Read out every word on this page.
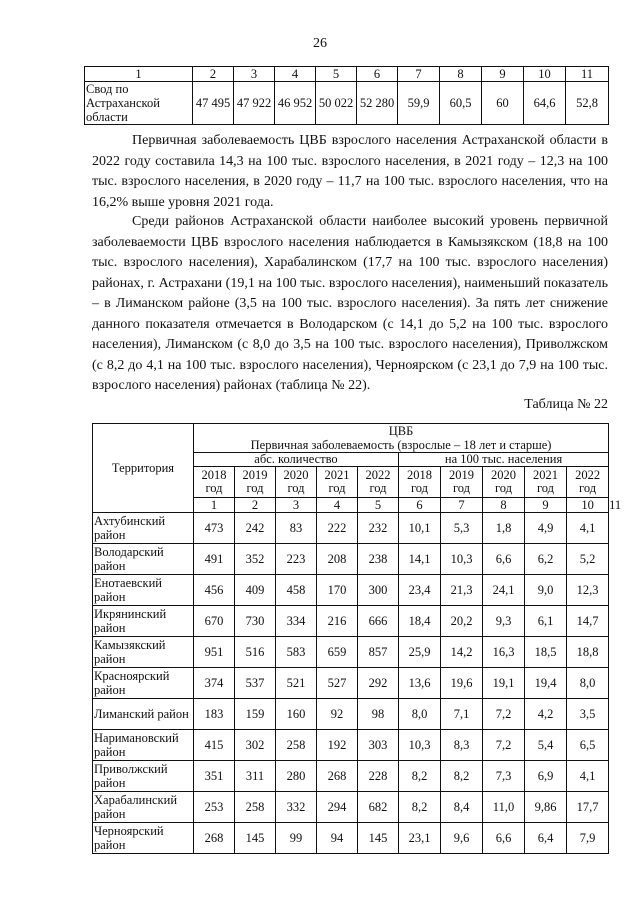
26
1	2	3	4	5	6	7	8	9	10	11
Свод по Астраханской области	47 495	47 922	46 952	50 022	52 280	59,9	60,5	60	64,6	52,8
Первичная заболеваемость ЦВБ взрослого населения Астраханской области в 2022 году составила 14,3 на 100 тыс. взрослого населения, в 2021 году – 12,3 на 100 тыс. взрослого населения, в 2020 году – 11,7 на 100 тыс. взрослого населения, что на 16,2% выше уровня 2021 года.
Среди районов Астраханской области наиболее высокий уровень первичной заболеваемости ЦВБ взрослого населения наблюдается в Камызякском (18,8 на 100 тыс. взрослого населения), Харабалинском (17,7 на 100 тыс. взрослого населения) районах, г. Астрахани (19,1 на 100 тыс. взрослого населения), наименьший показатель – в Лиманском районе (3,5 на 100 тыс. взрослого населения). За пять лет снижение данного показателя отмечается в Володарском (с 14,1 до 5,2 на 100 тыс. взрослого населения), Лиманском (с 8,0 до 3,5 на 100 тыс. взрослого населения), Приволжском (с 8,2 до 4,1 на 100 тыс. взрослого населения), Черноярском (с 23,1 до 7,9 на 100 тыс. взрослого населения) районах (таблица № 22).
Таблица № 22
Территория	ЦВБ
Первичная заболеваемость (взрослые – 18 лет и старше)										

	абс. количество					на 100 тыс. населения					
	2018 год	2019 год	2020 год	2021 год	2022 год	2018 год	2019 год	2020 год	2021 год	2022 год	
	1	2	3	4	5	6	7	8	9	10	11
Ахтубинский район	473	242	83	222	232	10,1	5,3	1,8	4,9	4,1	
Володарский район	491	352	223	208	238	14,1	10,3	6,6	6,2	5,2	
Енотаевский район	456	409	458	170	300	23,4	21,3	24,1	9,0	12,3	
Икрянинский район	670	730	334	216	666	18,4	20,2	9,3	6,1	14,7	
Камызякский район	951	516	583	659	857	25,9	14,2	16,3	18,5	18,8	
Красноярский район	374	537	521	527	292	13,6	19,6	19,1	19,4	8,0	
Лиманский район	183	159	160	92	98	8,0	7,1	7,2	4,2	3,5	
Наримановский район	415	302	258	192	303	10,3	8,3	7,2	5,4	6,5	
Приволжский район	351	311	280	268	228	8,2	8,2	7,3	6,9	4,1	
Харабалинский район	253	258	332	294	682	8,2	8,4	11,0	9,86	17,7	
Черноярский район	268	145	99	94	145	23,1	9,6	6,6	6,4	7,9	
